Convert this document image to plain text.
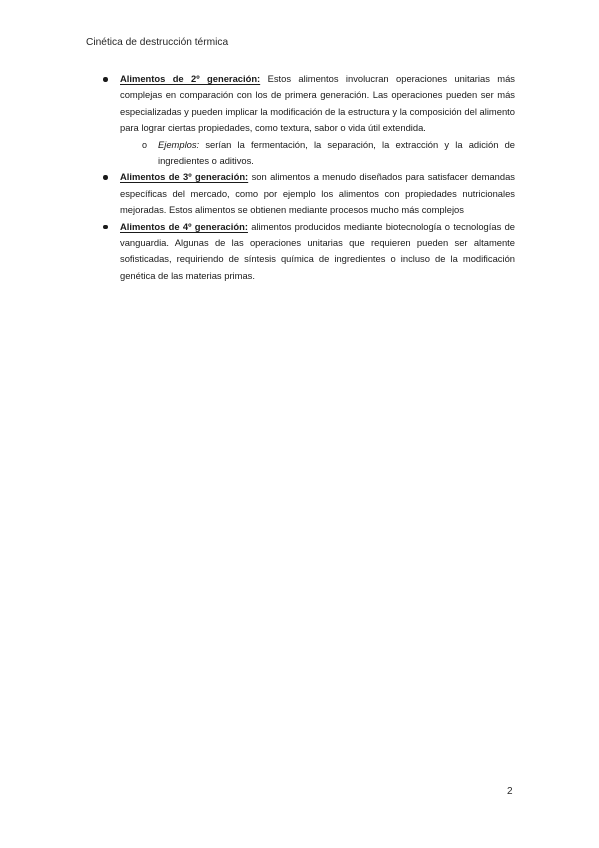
Cinética de destrucción térmica
Alimentos de 2º generación: Estos alimentos involucran operaciones unitarias más complejas en comparación con los de primera generación. Las operaciones pueden ser más especializadas y pueden implicar la modificación de la estructura y la composición del alimento para lograr ciertas propiedades, como textura, sabor o vida útil extendida.
o Ejemplos: serían la fermentación, la separación, la extracción y la adición de ingredientes o aditivos.
Alimentos de 3º generación: son alimentos a menudo diseñados para satisfacer demandas específicas del mercado, como por ejemplo los alimentos con propiedades nutricionales mejoradas. Estos alimentos se obtienen mediante procesos mucho más complejos
Alimentos de 4º generación: alimentos producidos mediante biotecnología o tecnologías de vanguardia. Algunas de las operaciones unitarias que requieren pueden ser altamente sofisticadas, requiriendo de síntesis química de ingredientes o incluso de la modificación genética de las materias primas.
2
